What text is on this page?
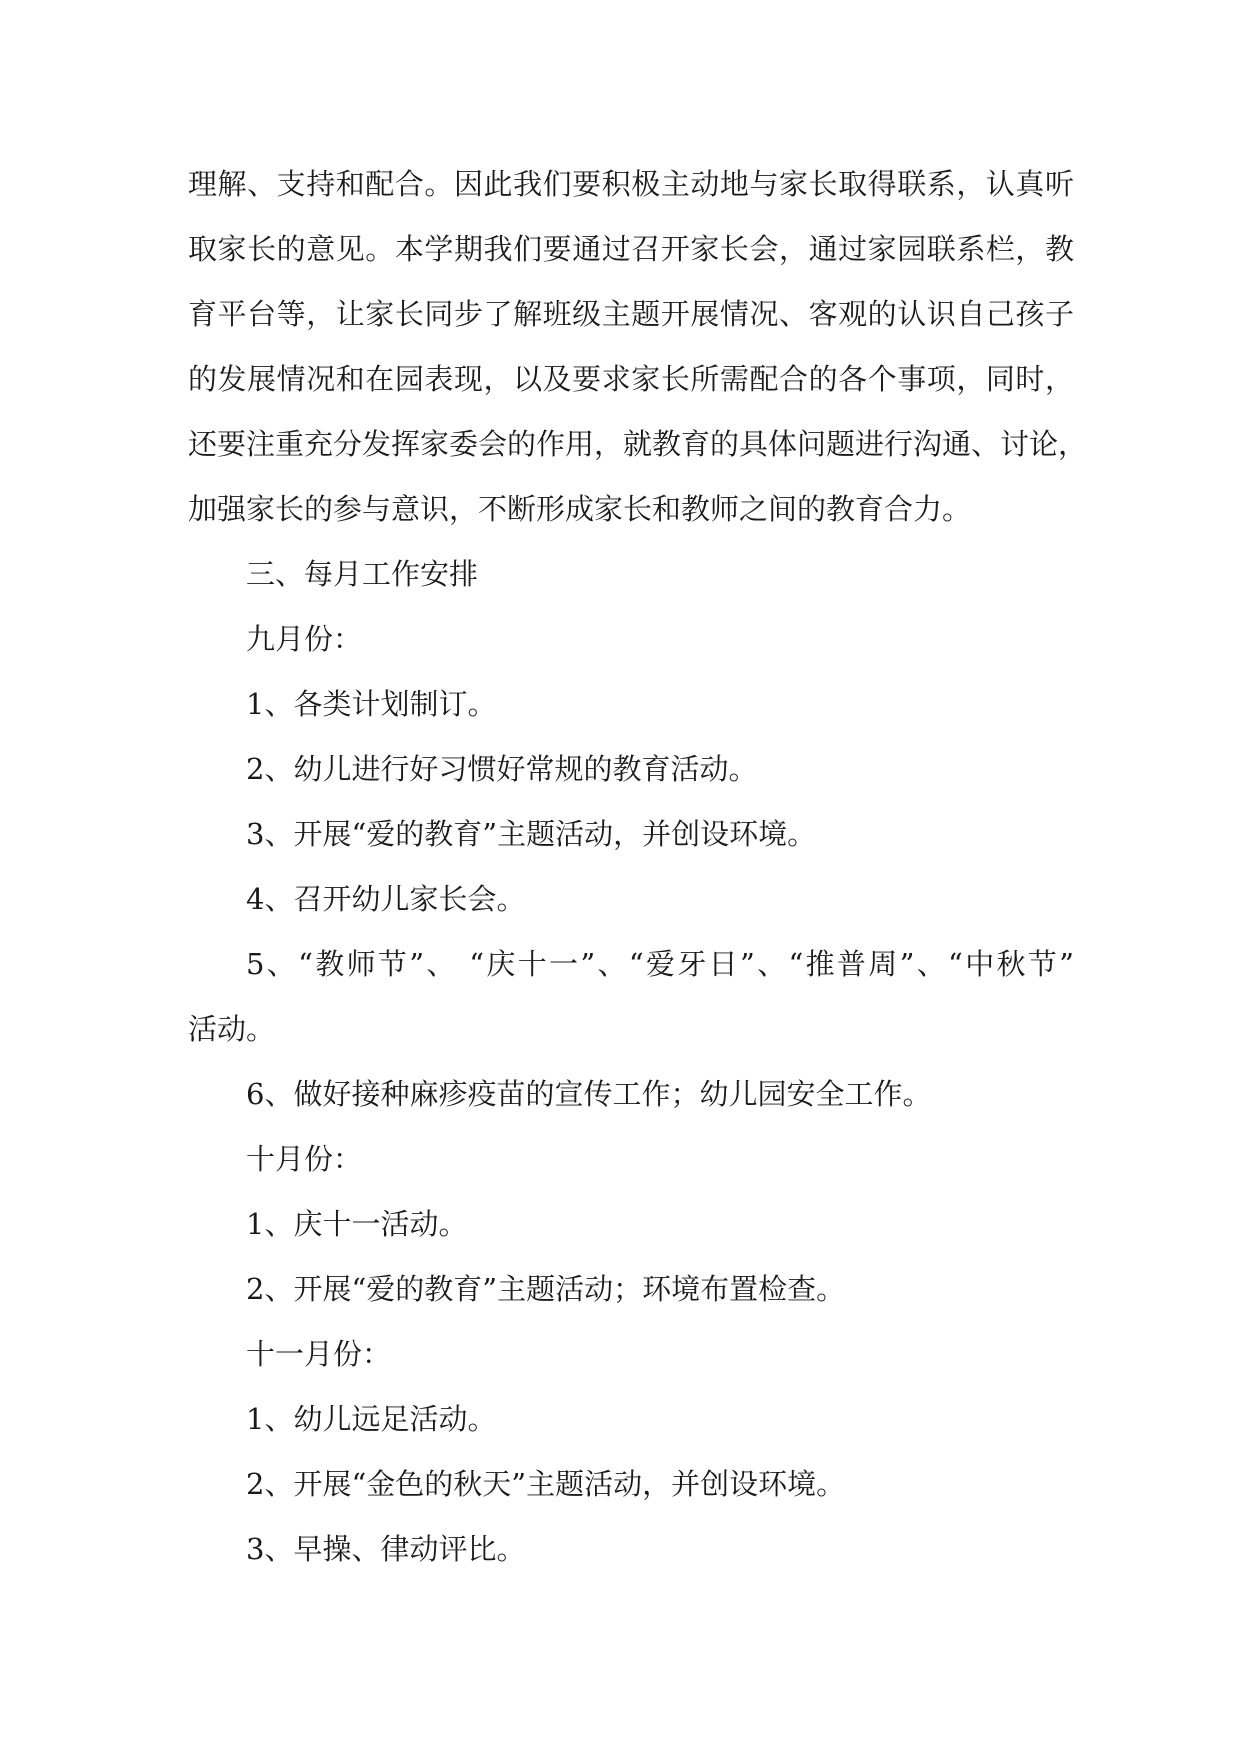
理解、支持和配合。因此我们要积极主动地与家长取得联系，认真听
取家长的意见。本学期我们要通过召开家长会，通过家园联系栏，教
育平台等，让家长同步了解班级主题开展情况、客观的认识自己孩子
的发展情况和在园表现，以及要求家长所需配合的各个事项，同时，
还要注重充分发挥家委会的作用，就教育的具体问题进行沟通、讨论，
加强家长的参与意识，不断形成家长和教师之间的教育合力。
三、每月工作安排
九月份：
1、各类计划制订。
2、幼儿进行好习惯好常规的教育活动。
3、开展“爱的教育”主题活动，并创设环境。
4、召开幼儿家长会。
5、“教师节”、 “庆十一”、“爱牙日”、“推普周”、“中秋节”
活动。
6、做好接种麻疹疫苗的宣传工作；幼儿园安全工作。
十月份：
1、庆十一活动。
2、开展“爱的教育”主题活动；环境布置检查。
十一月份：
1、幼儿远足活动。
2、开展“金色的秋天”主题活动，并创设环境。
3、早操、律动评比。
